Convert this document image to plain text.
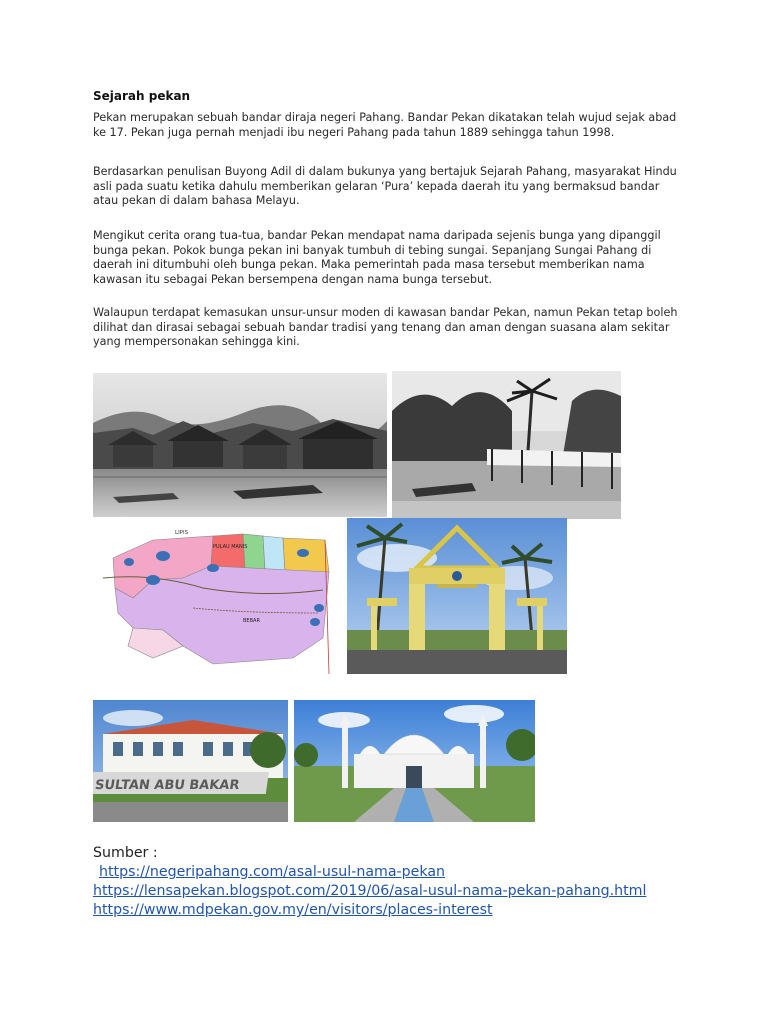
Sejarah pekan

Pekan merupakan sebuah bandar diraja negeri Pahang. Bandar Pekan dikatakan telah wujud sejak abad ke 17. Pekan juga pernah menjadi ibu negeri Pahang pada tahun 1889 sehingga tahun 1998.

Berdasarkan penulisan Buyong Adil di dalam bukunya yang bertajuk Sejarah Pahang, masyarakat Hindu asli pada suatu ketika dahulu memberikan gelaran ‘Pura’ kepada daerah itu yang bermaksud bandar atau pekan di dalam bahasa Melayu.

Mengikut cerita orang tua-tua, bandar Pekan mendapat nama daripada sejenis bunga yang dipanggil bunga pekan. Pokok bunga pekan ini banyak tumbuh di tebing sungai. Sepanjang Sungai Pahang di daerah ini ditumbuhi oleh bunga pekan. Maka pemerintah pada masa tersebut memberikan nama kawasan itu sebagai Pekan bersempena dengan nama bunga tersebut.

Walaupun terdapat kemasukan unsur-unsur moden di kawasan bandar Pekan, namun Pekan tetap boleh dilihat dan dirasai sebagai sebuah bandar tradisi yang tenang dan aman dengan suasana alam sekitar yang mempersonakan sehingga kini.

LIPIS
PULAU MANIS
BEBAR
SULTAN ABU BAKAR
Sumber :
https://negeripahang.com/asal-usul-nama-pekan
https://lensapekan.blogspot.com/2019/06/asal-usul-nama-pekan-pahang.html
https://www.mdpekan.gov.my/en/visitors/places-interest
